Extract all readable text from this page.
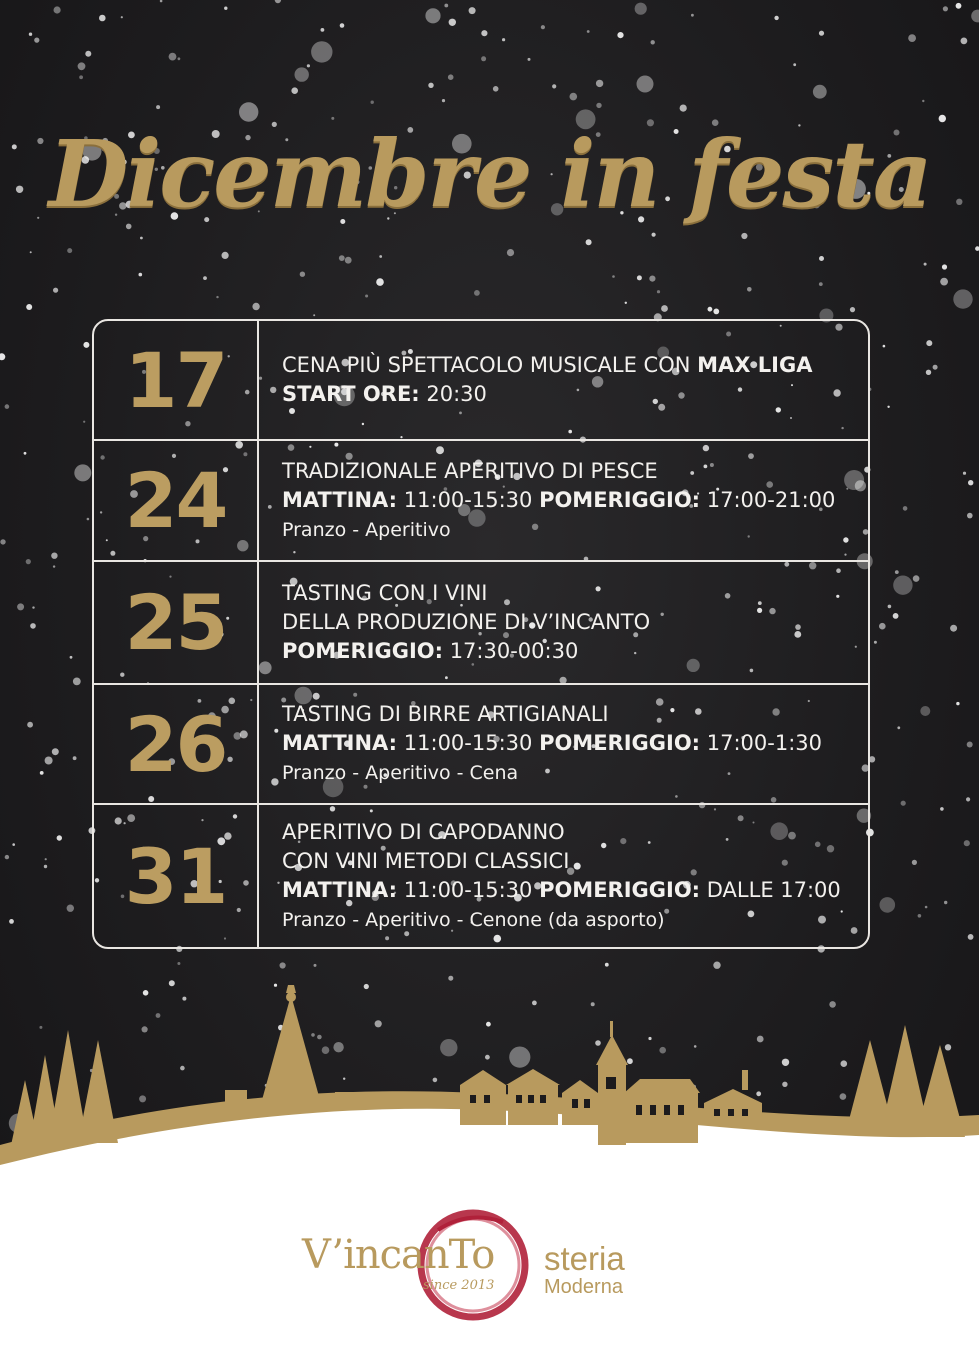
Dicembre in festa
17	CENA PIÙ SPETTACOLO MUSICALE CON MAX LIGA
START ORE: 20:30
24	TRADIZIONALE APERITIVO DI PESCE
MATTINA: 11:00-15:30 POMERIGGIO: 17:00-21:00
Pranzo - Aperitivo
25	TASTING CON I VINI
DELLA PRODUZIONE DI V’INCANTO
POMERIGGIO: 17:30-00:30
26	TASTING DI BIRRE ARTIGIANALI
MATTINA: 11:00-15:30 POMERIGGIO: 17:00-1:30
Pranzo - Aperitivo - Cena
31	APERITIVO DI CAPODANNO
CON VINI METODI CLASSICI
MATTINA: 11:00-15:30 POMERIGGIO: DALLE 17:00
Pranzo - Aperitivo - Cenone (da asporto)
V’incanTo
since 2013
steria
Moderna
